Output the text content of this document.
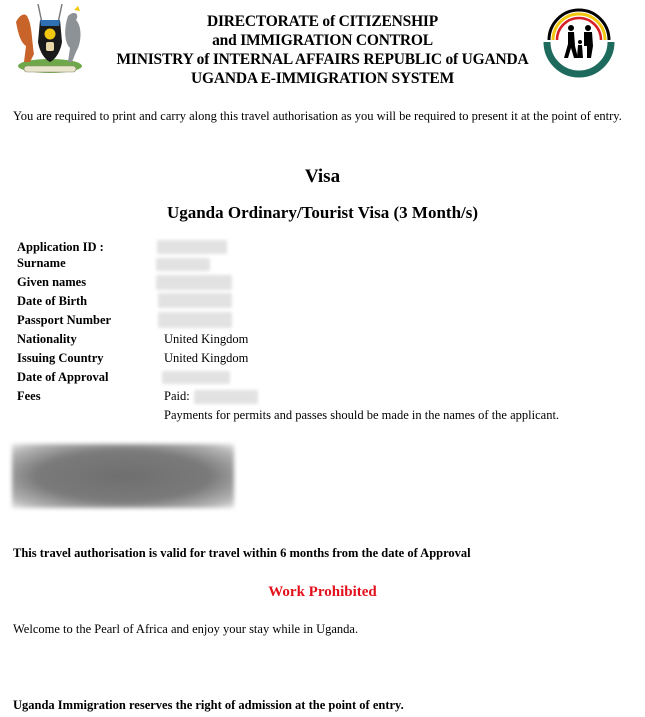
DIRECTORATE of CITIZENSHIP
and IMMIGRATION CONTROL
MINISTRY of INTERNAL AFFAIRS REPUBLIC of UGANDA
UGANDA E-IMMIGRATION SYSTEM
You are required to print and carry along this travel authorisation as you will be required to present it at the point of entry.
Visa
Uganda Ordinary/Tourist Visa (3 Month/s)
Application ID :
Surname
Given names
Date of Birth
Passport Number
Nationality	United Kingdom
Issuing Country	United Kingdom
Date of Approval
Fees	Paid:
Payments for permits and passes should be made in the names of the applicant.
This travel authorisation is valid for travel within 6 months from the date of Approval
Work Prohibited
Welcome to the Pearl of Africa and enjoy your stay while in Uganda.
Uganda Immigration reserves the right of admission at the point of entry.
